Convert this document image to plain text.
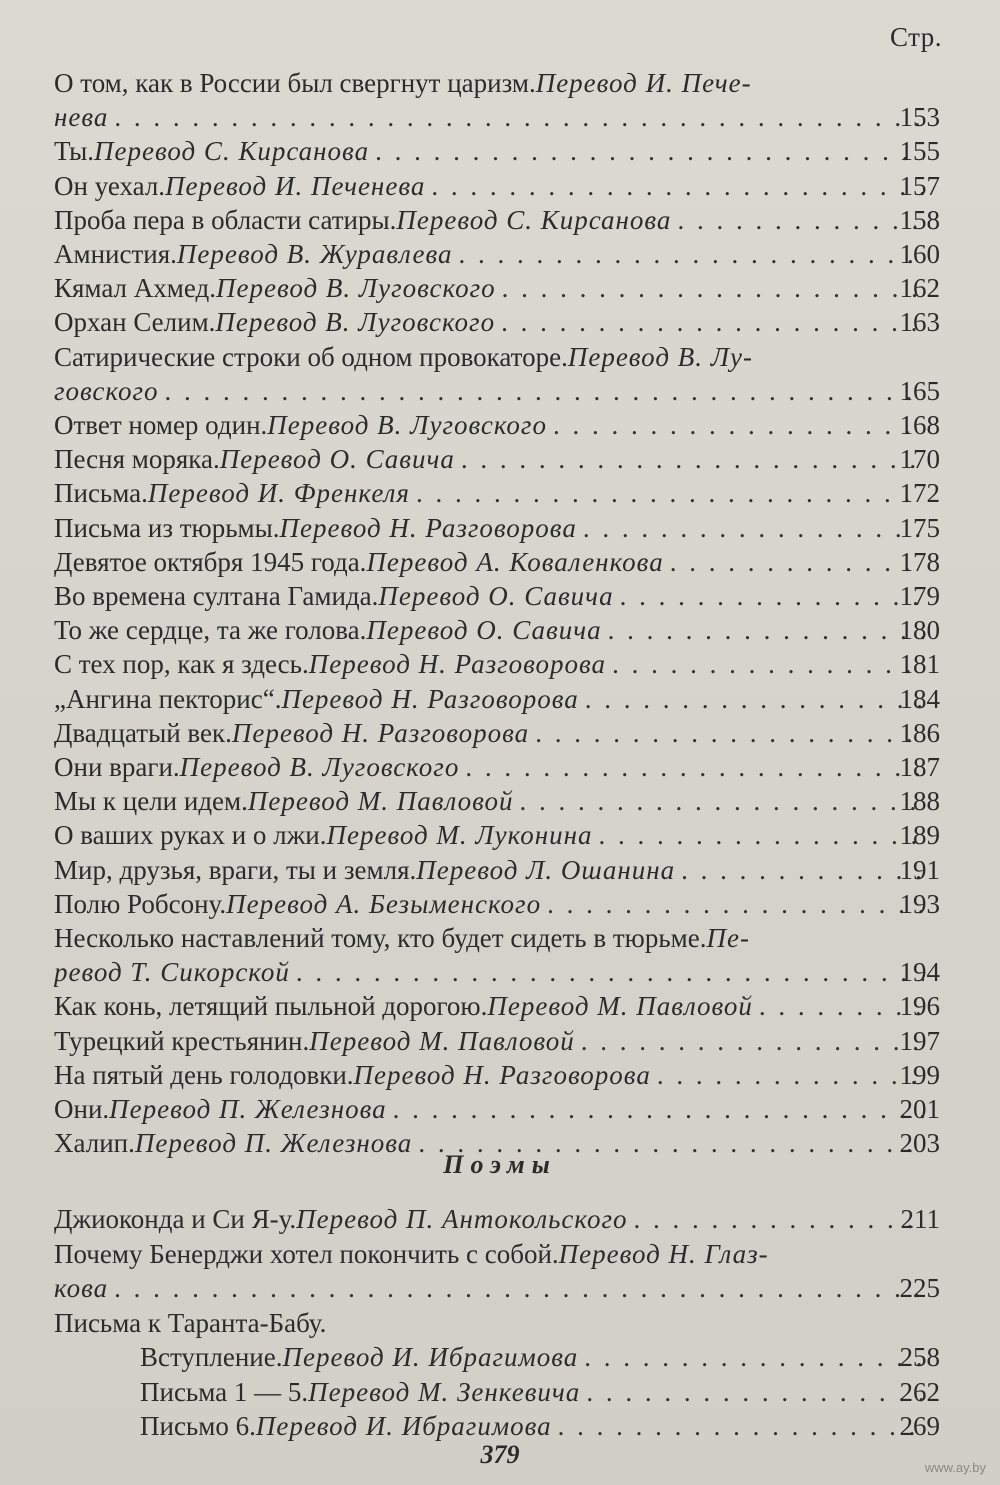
Стр.
О том, как в России был свергнут царизм. Перевод И. Пече-
нева . . .	153
Ты. Перевод С. Кирсанова . . .	155
Он уехал. Перевод И. Печенева . . .	157
Проба пера в области сатиры. Перевод С. Кирсанова . . .	158
Амнистия. Перевод В. Журавлева . . .	160
Кямал Ахмед. Перевод В. Луговского . . .	162
Орхан Селим. Перевод В. Луговского . . .	163
Сатирические строки об одном провокаторе. Перевод В. Лу-
говского . . .	165
Ответ номер один. Перевод В. Луговского . . .	168
Песня моряка. Перевод О. Савича . . .	170
Письма. Перевод И. Френкеля . . .	172
Письма из тюрьмы. Перевод Н. Разговорова . . .	175
Девятое октября 1945 года. Перевод А. Коваленкова . . .	178
Во времена султана Гамида. Перевод О. Савича . . .	179
То же сердце, та же голова. Перевод О. Савича . . .	180
С тех пор, как я здесь. Перевод Н. Разговорова . . .	181
„Ангина пекторис“. Перевод Н. Разговорова . . .	184
Двадцатый век. Перевод Н. Разговорова . . .	186
Они враги. Перевод В. Луговского . . .	187
Мы к цели идем. Перевод М. Павловой . . .	188
О ваших руках и о лжи. Перевод М. Луконина . . .	189
Мир, друзья, враги, ты и земля. Перевод Л. Ошанина . . .	191
Полю Робсону. Перевод А. Безыменского . . .	193
Несколько наставлений тому, кто будет сидеть в тюрьме. Пе-
ревод Т. Сикорской . . .	194
Как конь, летящий пыльной дорогою. Перевод М. Павловой . . .	196
Турецкий крестьянин. Перевод М. Павловой . . .	197
На пятый день голодовки. Перевод Н. Разговорова . . .	199
Они. Перевод П. Железнова . . .	201
Халип. Перевод П. Железнова . . .	203
Поэмы
Джиоконда и Си Я-у. Перевод П. Антокольского . . .	211
Почему Бенерджи хотел покончить с собой. Перевод Н. Глаз-
кова . . .	225
Письма к Таранта-Бабу.
Вступление. Перевод И. Ибрагимова . . .	258
Письма 1 — 5. Перевод М. Зенкевича . . .	262
Письмо 6. Перевод И. Ибрагимова . . .	269
379	www.ay.by
